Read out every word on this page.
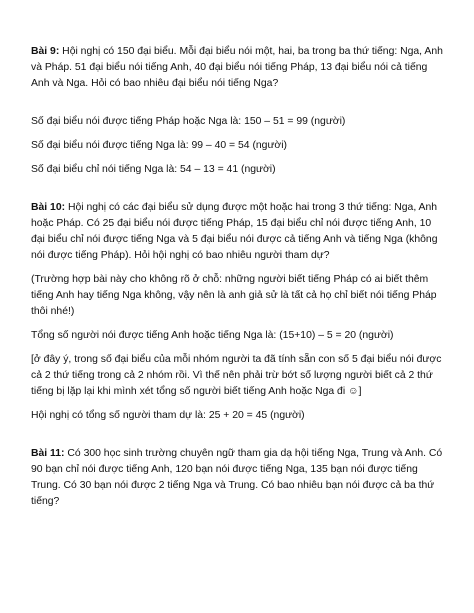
Bài 9: Hội nghị có 150 đại biểu. Mỗi đại biểu nói một, hai, ba trong ba thứ tiếng: Nga, Anh và Pháp. 51 đại biểu nói tiếng Anh, 40 đại biểu nói tiếng Pháp, 13 đại biểu nói cả tiếng Anh và Nga. Hỏi có bao nhiêu đại biểu nói tiếng Nga?

Số đại biểu nói được tiếng Pháp hoặc Nga là: 150 – 51 = 99 (người)

Số đại biểu nói được tiếng Nga là: 99 – 40 = 54 (người)

Số đại biểu chỉ nói tiếng Nga là: 54 – 13 = 41 (người)

Bài 10: Hội nghị có các đại biểu sử dụng được một hoặc hai trong 3 thứ tiếng: Nga, Anh hoặc Pháp. Có 25 đại biểu nói được tiếng Pháp, 15 đại biểu chỉ nói được tiếng Anh, 10 đại biểu chỉ nói được tiếng Nga và 5 đại biểu nói được cả tiếng Anh và tiếng Nga (không nói được tiếng Pháp). Hỏi hội nghị có bao nhiêu người tham dự?

(Trường hợp bài này cho không rõ ở chỗ: những người biết tiếng Pháp có ai biết thêm tiếng Anh hay tiếng Nga không, vậy nên là anh giả sử là tất cả họ chỉ biết nói tiếng Pháp thôi nhé!)

Tổng số người nói được tiếng Anh hoặc tiếng Nga là: (15+10) – 5 = 20 (người)

[ở đây ý, trong số đại biểu của mỗi nhóm người ta đã tính sẵn con số 5 đại biểu nói được cả 2 thứ tiếng trong cả 2 nhóm rồi. Vì thế nên phải trừ bớt số lượng người biết cả 2 thứ tiếng bị lặp lại khi mình xét tổng số người biết tiếng Anh hoặc Nga đi ☺]

Hội nghị có tổng số người tham dự là: 25 + 20 = 45 (người)

Bài 11: Có 300 học sinh trường chuyên ngữ tham gia dạ hội tiếng Nga, Trung và Anh. Có 90 bạn chỉ nói được tiếng Anh, 120 bạn nói được tiếng Nga, 135 bạn nói được tiếng Trung. Có 30 bạn nói được 2 tiếng Nga và Trung. Có bao nhiêu bạn nói được cả ba thứ tiếng?
